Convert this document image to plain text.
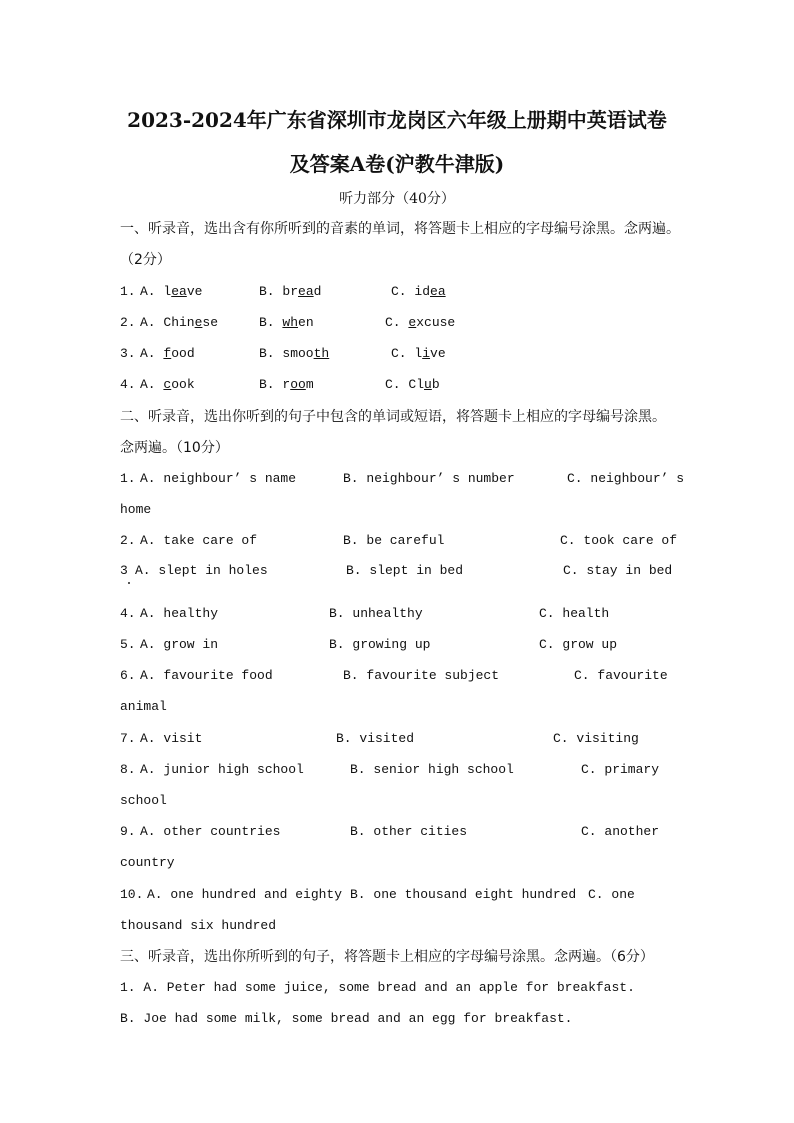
2023-2024年广东省深圳市龙岗区六年级上册期中英语试卷
及答案A卷(沪教牛津版)
听力部分（40分）
一、听录音，选出含有你所听到的音素的单词，将答题卡上相应的字母编号涂黑。念两遍。
（2分）
1. A. leave	B. bread	C. idea
2. A. Chinese	B. when	C. excuse
3. A. food	B. smooth	C. live
4. A. cook	B. room	C. Club
二、听录音，选出你听到的句子中包含的单词或短语，将答题卡上相应的字母编号涂黑。
念两遍。（10分）
1. A. neighbour’ s name	B. neighbour’ s number	C. neighbour’ s
home
2. A. take care of	B. be careful	C. took care of
3 A. slept in holes	B. slept in bed	C. stay in bed
4. A. healthy	B. unhealthy	C. health
5. A. grow in	B. growing up	C. grow up
6. A. favourite food	B. favourite subject	C. favourite
animal
7. A. visit	B. visited	C. visiting
8. A. junior high school	B. senior high school	C. primary
school
9. A. other countries	B. other cities	C. another
country
10. A. one hundred and eighty B. one thousand eight hundred C. one
thousand six hundred
三、听录音，选出你所听到的句子，将答题卡上相应的字母编号涂黑。念两遍。（6分）
1. A. Peter had some juice, some bread and an apple for breakfast.
B. Joe had some milk, some bread and an egg for breakfast.
